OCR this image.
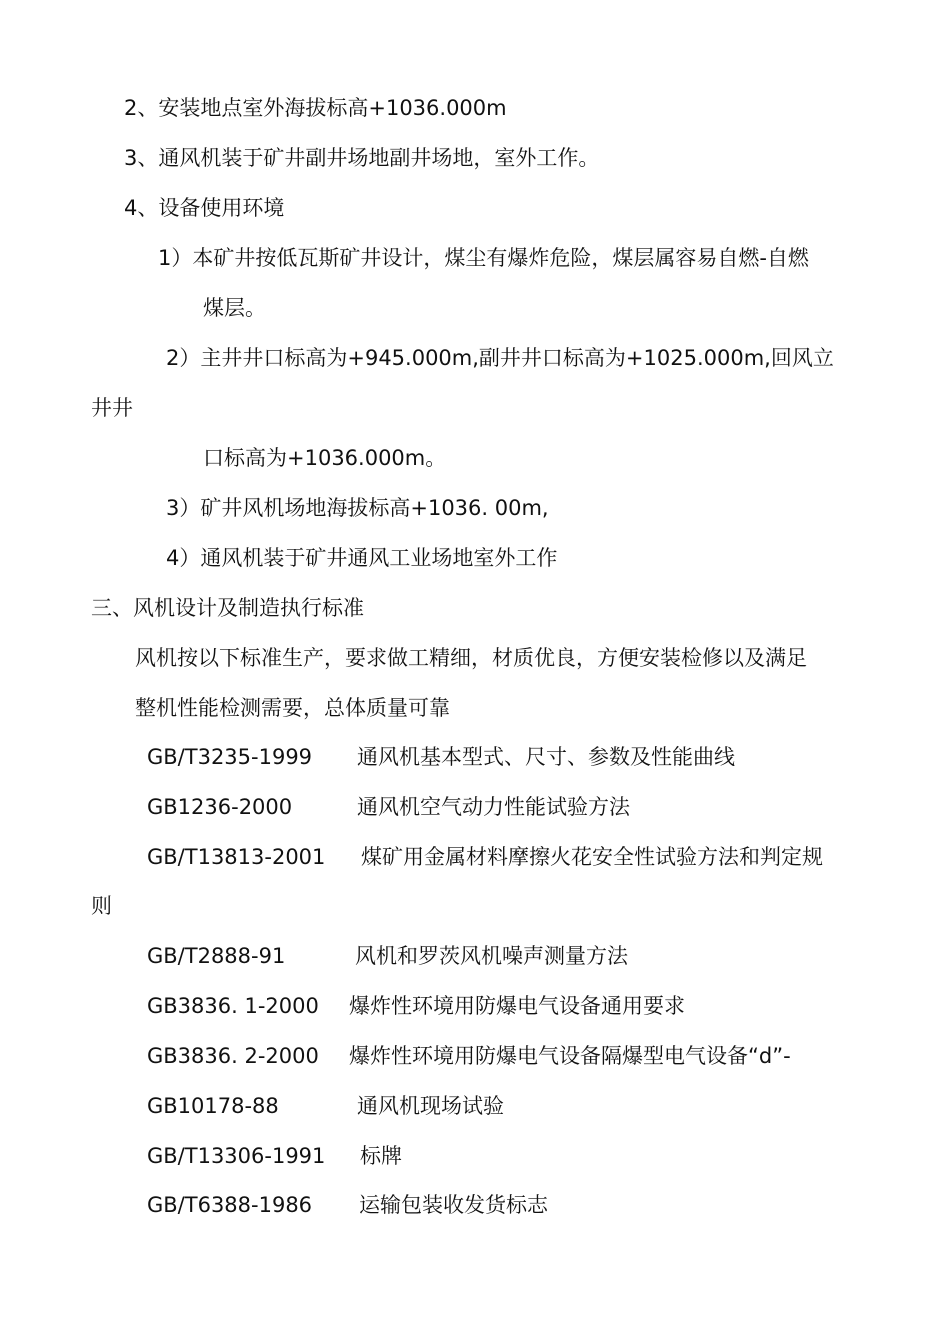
2、安装地点室外海拔标高+1036.000m
3、通风机装于矿井副井场地副井场地，室外工作。
4、设备使用环境
1）本矿井按低瓦斯矿井设计，煤尘有爆炸危险，煤层属容易自燃-自燃
煤层。
2）主井井口标高为+945.000m,副井井口标高为+1025.000m,回风立
井井
口标高为+1036.000m。
3）矿井风机场地海拔标高+1036. 00m,
4）通风机装于矿井通风工业场地室外工作
三、风机设计及制造执行标准
风机按以下标准生产，要求做工精细，材质优良，方便安装检修以及满足
整机性能检测需要，总体质量可靠
GB/T3235-1999 通风机基本型式、尺寸、参数及性能曲线
GB1236-2000	通风机空气动力性能试验方法
GB/T13813-2001 煤矿用金属材料摩擦火花安全性试验方法和判定规
则
GB/T2888-91	风机和罗茨风机噪声测量方法
GB3836. 1-2000 爆炸性环境用防爆电气设备通用要求
GB3836. 2-2000 爆炸性环境用防爆电气设备隔爆型电气设备“d”-
GB10178-88	通风机现场试验
GB/T13306-1991 标牌
GB/T6388-1986 运输包装收发货标志
